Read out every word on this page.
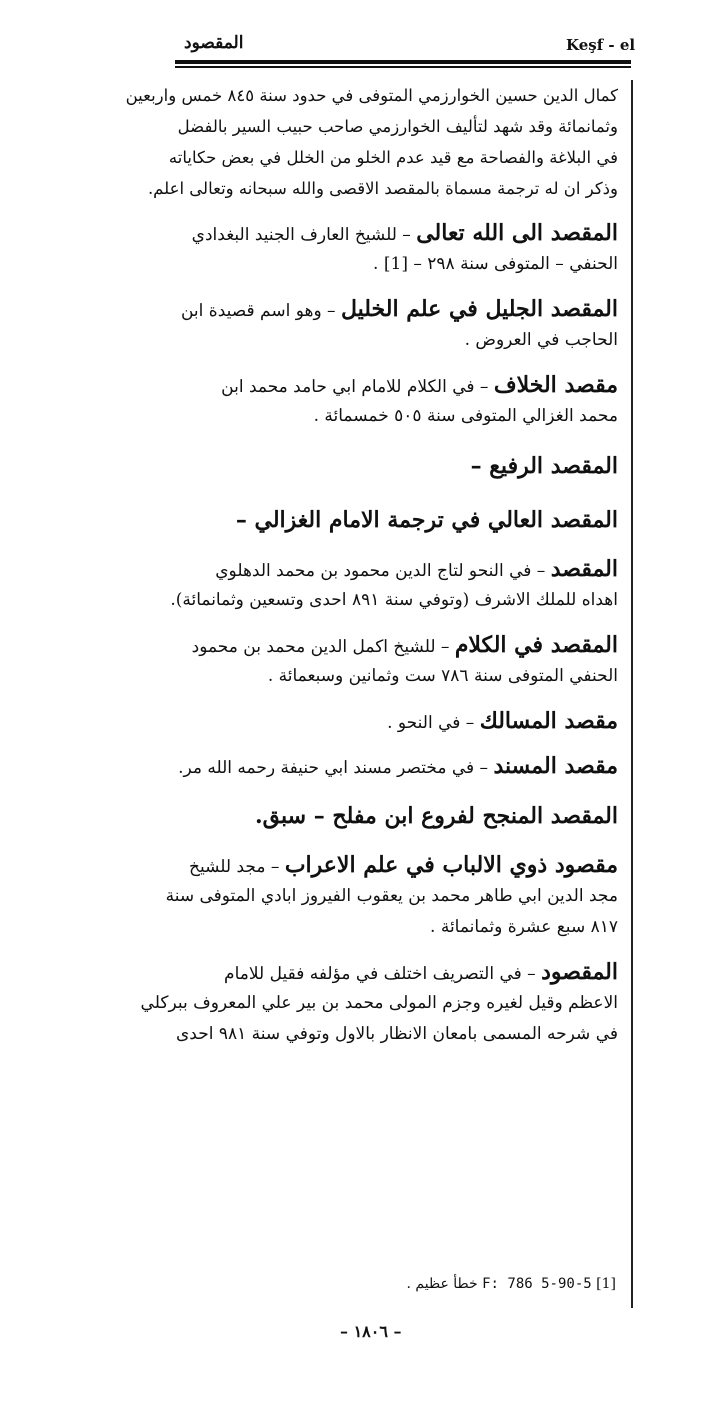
Keşf - el
المقصود
كمال الدين حسين الخوارزمي المتوفى في حدود سنة ٨٤٥ خمس واربعين
وثمانمائة وقد شهد لتأليف الخوارزمي صاحب حبيب السير بالفضل
في البلاغة والفصاحة مع قيد عدم الخلو من الخلل في بعض حكاياته
وذكر ان له ترجمة مسماة بالمقصد الاقصى والله سبحانه وتعالى اعلم.
المقصد الى الله تعالى – للشيخ العارف الجنيد البغدادي
الحنفي – المتوفى سنة ٢٩٨ – [1] .
المقصد الجليل في علم الخليل – وهو اسم قصيدة ابن
الحاجب في العروض .
مقصد الخلاف – في الكلام للامام ابي حامد محمد ابن
محمد الغزالي المتوفى سنة ٥٠٥ خمسمائة .
المقصد الرفيع –
المقصد العالي في ترجمة الامام الغزالي –
المقصد – في النحو لتاج الدين محمود بن محمد الدهلوي
اهداه للملك الاشرف (وتوفي سنة ٨٩١ احدى وتسعين وثمانمائة).
المقصد في الكلام – للشيخ اكمل الدين محمد بن محمود
الحنفي المتوفى سنة ٧٨٦ ست وثمانين وسبعمائة .
مقصد المسالك – في النحو .
مقصد المسند – في مختصر مسند ابي حنيفة رحمه الله مر.
المقصد المنجح لفروع ابن مفلح – سبق.
مقصود ذوي الالباب في علم الاعراب – مجد للشيخ
مجد الدين ابي طاهر محمد بن يعقوب الفيروز ابادي المتوفى سنة
٨١٧ سبع عشرة وثمانمائة .
المقصود – في التصريف اختلف في مؤلفه فقيل للامام
الاعظم وقيل لغيره وجزم المولى محمد بن بير علي المعروف ببركلي
في شرحه المسمى بامعان الانظار بالاول وتوفي سنة ٩٨١ احدى
[1] F: 786 5-90-5 خطأ عظيم .
– ١٨٠٦ –
